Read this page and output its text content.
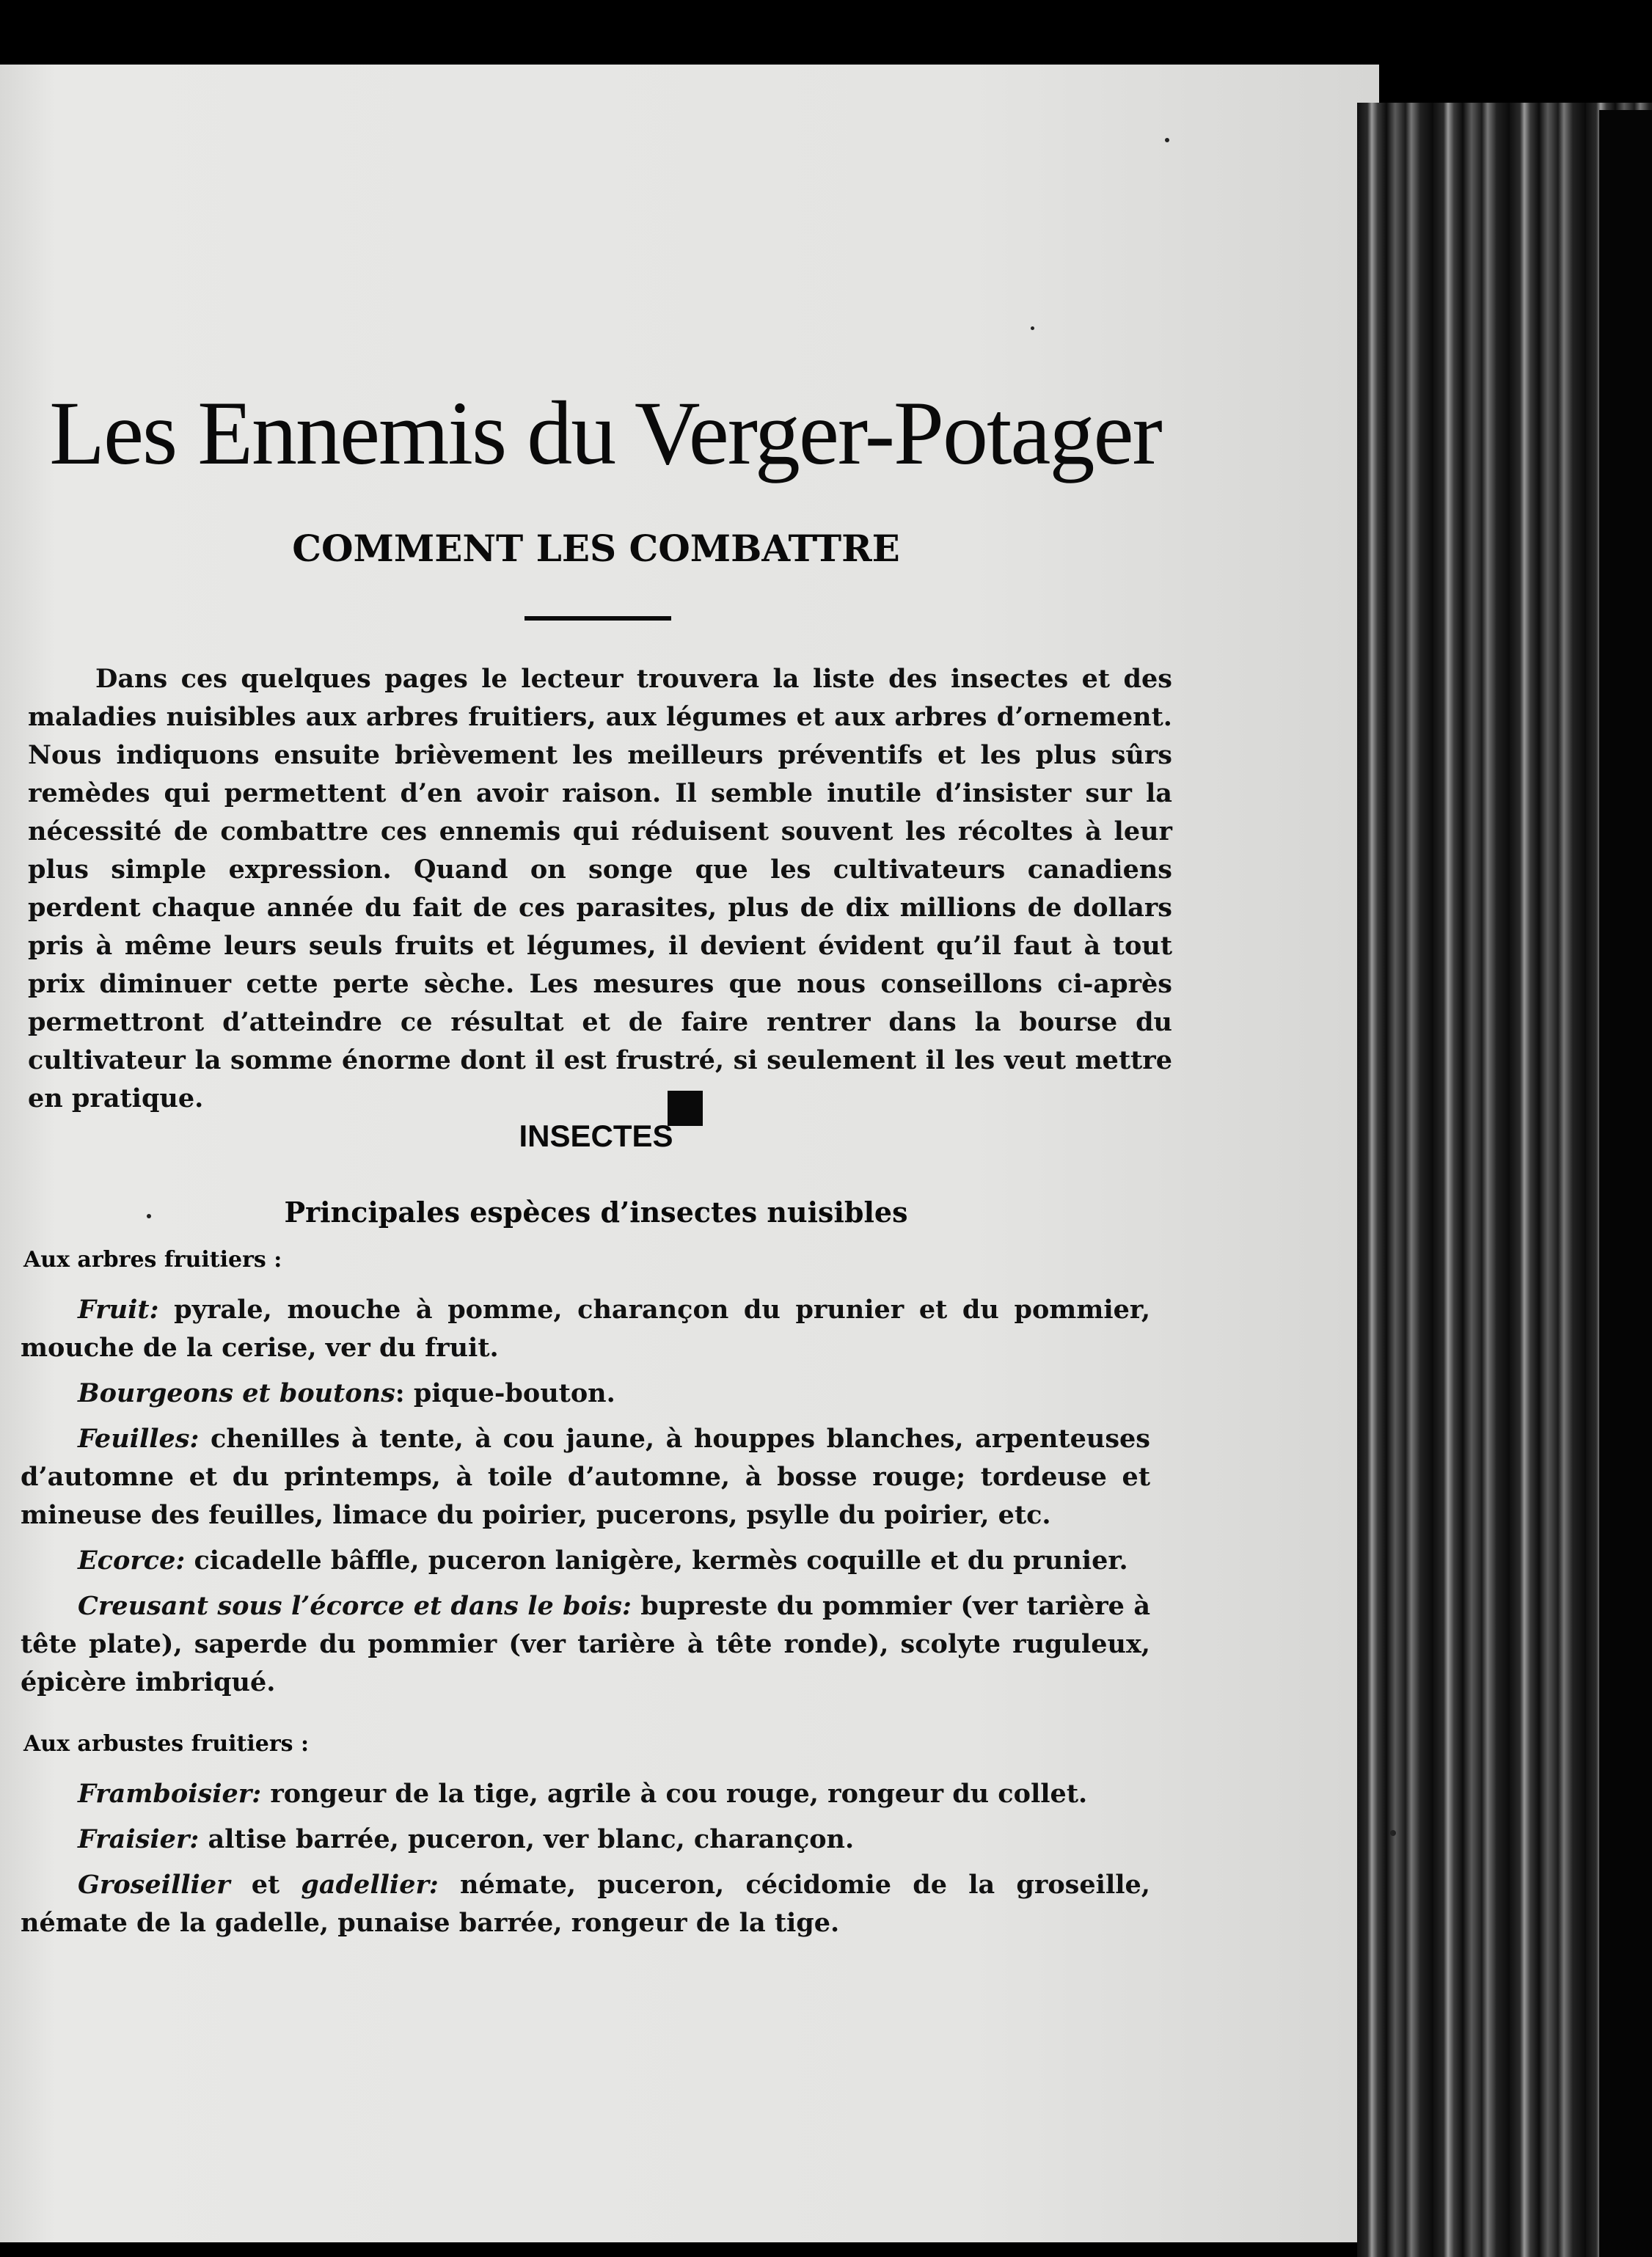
Les Ennemis du Verger-Potager
COMMENT LES COMBATTRE

Dans ces quelques pages le lecteur trouvera la liste des insectes et des maladies nuisibles aux arbres fruitiers, aux légumes et aux arbres d’ornement. Nous indiquons ensuite brièvement les meilleurs préventifs et les plus sûrs remèdes qui permettent d’en avoir raison. Il semble inutile d’insister sur la nécessité de combattre ces ennemis qui réduisent souvent les récoltes à leur plus simple expression. Quand on songe que les cultivateurs canadiens perdent chaque année du fait de ces parasites, plus de dix millions de dollars pris à même leurs seuls fruits et légumes, il devient évident qu’il faut à tout prix diminuer cette perte sèche. Les mesures que nous conseillons ci-après permettront d’atteindre ce résultat et de faire rentrer dans la bourse du cultivateur la somme énorme dont il est frustré, si seulement il les veut mettre en pratique.

INSECTES
Principales espèces d’insectes nuisibles
Aux arbres fruitiers :

Fruit: pyrale, mouche à pomme, charançon du prunier et du pommier, mouche de la cerise, ver du fruit.

Bourgeons et boutons: pique-bouton.

Feuilles: chenilles à tente, à cou jaune, à houppes blanches, arpenteuses d’automne et du printemps, à toile d’automne, à bosse rouge; tordeuse et mineuse des feuilles, limace du poirier, pucerons, psylle du poirier, etc.

Ecorce: cicadelle bâffle, puceron lanigère, kermès coquille et du prunier.

Creusant sous l’écorce et dans le bois: bupreste du pommier (ver tarière à tête plate), saperde du pommier (ver tarière à tête ronde), scolyte ruguleux, épicère imbriqué.

Aux arbustes fruitiers :

Framboisier: rongeur de la tige, agrile à cou rouge, rongeur du collet.

Fraisier: altise barrée, puceron, ver blanc, charançon.

Groseillier et gadellier: némate, puceron, cécidomie de la groseille, némate de la gadelle, punaise barrée, rongeur de la tige.
